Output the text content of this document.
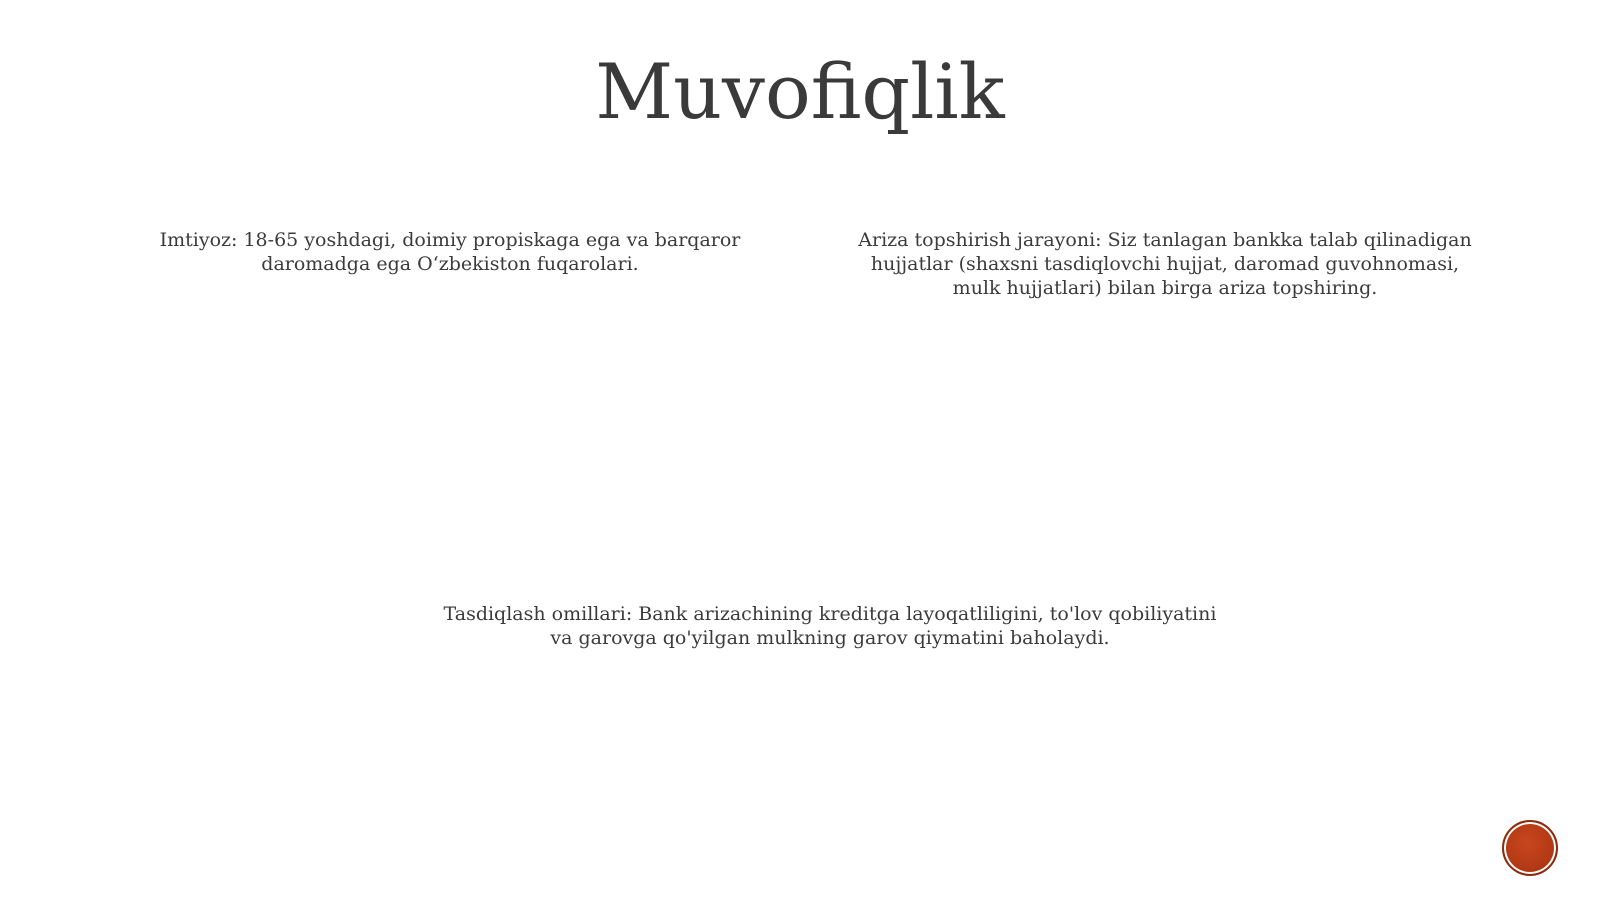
Muvofiqlik
Imtiyoz: 18-65 yoshdagi, doimiy propiskaga ega va barqaror daromadga ega O‘zbekiston fuqarolari.
Ariza topshirish jarayoni: Siz tanlagan bankka talab qilinadigan hujjatlar (shaxsni tasdiqlovchi hujjat, daromad guvohnomasi, mulk hujjatlari) bilan birga ariza topshiring.
Tasdiqlash omillari: Bank arizachining kreditga layoqatliligini, to'lov qobiliyatini va garovga qo'yilgan mulkning garov qiymatini baholaydi.
